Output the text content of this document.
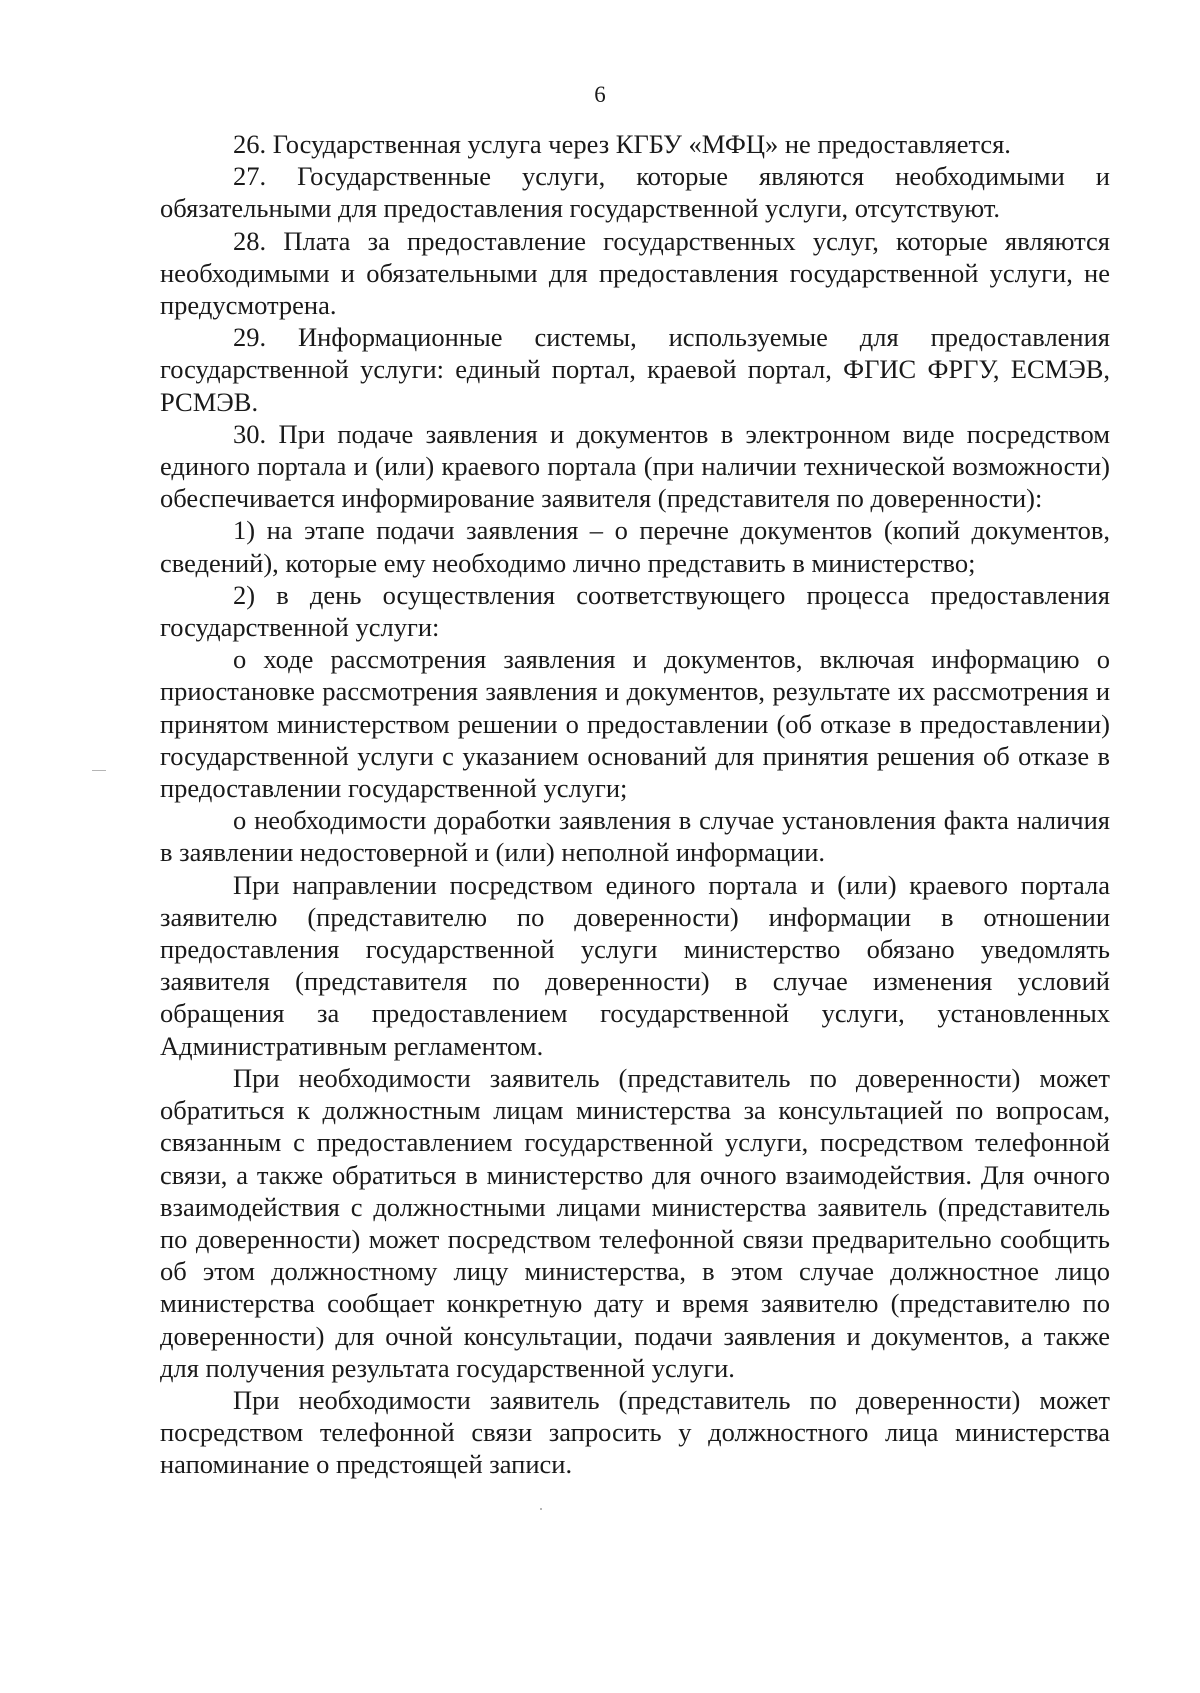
6

26. Государственная услуга через КГБУ «МФЦ» не предоставляется.

27. Государственные услуги, которые являются необходимыми и обязательными для предоставления государственной услуги, отсутствуют.

28. Плата за предоставление государственных услуг, которые являются необходимыми и обязательными для предоставления государственной услуги, не предусмотрена.

29. Информационные системы, используемые для предоставления государственной услуги: единый портал, краевой портал, ФГИС ФРГУ, ЕСМЭВ, РСМЭВ.

30. При подаче заявления и документов в электронном виде посредством единого портала и (или) краевого портала (при наличии технической возможности) обеспечивается информирование заявителя (представителя по доверенности):

1) на этапе подачи заявления – о перечне документов (копий документов, сведений), которые ему необходимо лично представить в министерство;

2) в день осуществления соответствующего процесса предоставления государственной услуги:

о ходе рассмотрения заявления и документов, включая информацию о приостановке рассмотрения заявления и документов, результате их рассмотрения и принятом министерством решении о предоставлении (об отказе в предоставлении) государственной услуги с указанием оснований для принятия решения об отказе в предоставлении государственной услуги;

о необходимости доработки заявления в случае установления факта наличия в заявлении недостоверной и (или) неполной информации.

При направлении посредством единого портала и (или) краевого портала заявителю (представителю по доверенности) информации в отношении предоставления государственной услуги министерство обязано уведомлять заявителя (представителя по доверенности) в случае изменения условий обращения за предоставлением государственной услуги, установленных Административным регламентом.

При необходимости заявитель (представитель по доверенности) может обратиться к должностным лицам министерства за консультацией по вопросам, связанным с предоставлением государственной услуги, посредством телефонной связи, а также обратиться в министерство для очного взаимодействия. Для очного взаимодействия с должностными лицами министерства заявитель (представитель по доверенности) может посредством телефонной связи предварительно сообщить об этом должностному лицу министерства, в этом случае должностное лицо министерства сообщает конкретную дату и время заявителю (представителю по доверенности) для очной консультации, подачи заявления и документов, а также для получения результата государственной услуги.

При необходимости заявитель (представитель по доверенности) может посредством телефонной связи запросить у должностного лица министерства напоминание о предстоящей записи.
